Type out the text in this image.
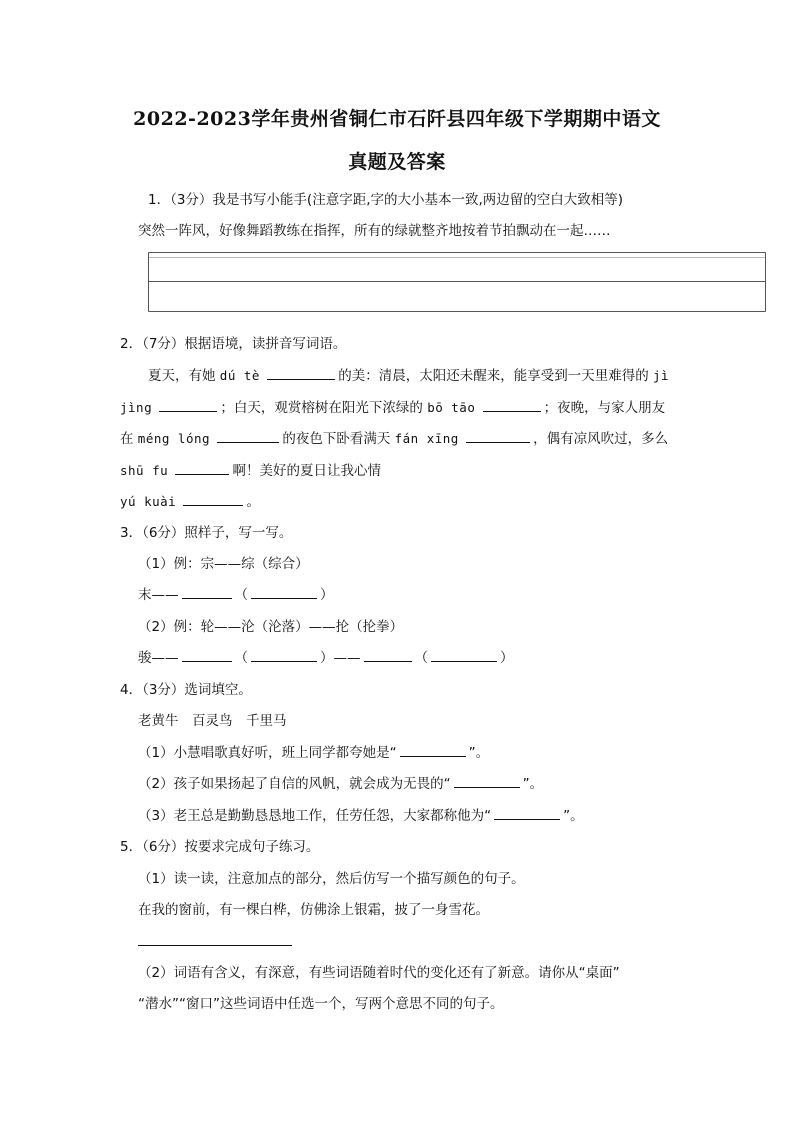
2022-2023学年贵州省铜仁市石阡县四年级下学期期中语文
真题及答案
1．（3分）我是书写小能手(注意字距,字的大小基本一致,两边留的空白大致相等)
突然一阵风，好像舞蹈教练在指挥，所有的绿就整齐地按着节拍飘动在一起……
2．（7分）根据语境，读拼音写词语。
夏天，有她 dú tè	的美：清晨，太阳还未醒来，能享受到一天里难得的 jì
jìng	；白天，观赏榕树在阳光下浓绿的 bō tāo	；夜晚，与家人朋友
在 méng lóng	的夜色下卧看满天 fán xīng	，偶有凉风吹过，多么
shū fu	啊！美好的夏日让我心情
yú kuài	。
3．（6分）照样子，写一写。
（1）例：宗——综（综合）
末——	（	）
（2）例：轮——沦（沦落）——抡（抡拳）
骏——	（	）——	（	）
4．（3分）选词填空。
老黄牛　百灵鸟　千里马
（1）小慧唱歌真好听，班上同学都夸她是“	”。
（2）孩子如果扬起了自信的风帆，就会成为无畏的“	”。
（3）老王总是勤勤恳恳地工作，任劳任怨，大家都称他为“	”。
5．（6分）按要求完成句子练习。
（1）读一读，注意加点的部分，然后仿写一个描写颜色的句子。
在我的窗前，有一棵白桦，仿佛涂上银霜，披了一身雪花。
（2）词语有含义，有深意，有些词语随着时代的变化还有了新意。请你从“桌面”
“潜水”“窗口”这些词语中任选一个，写两个意思不同的句子。
